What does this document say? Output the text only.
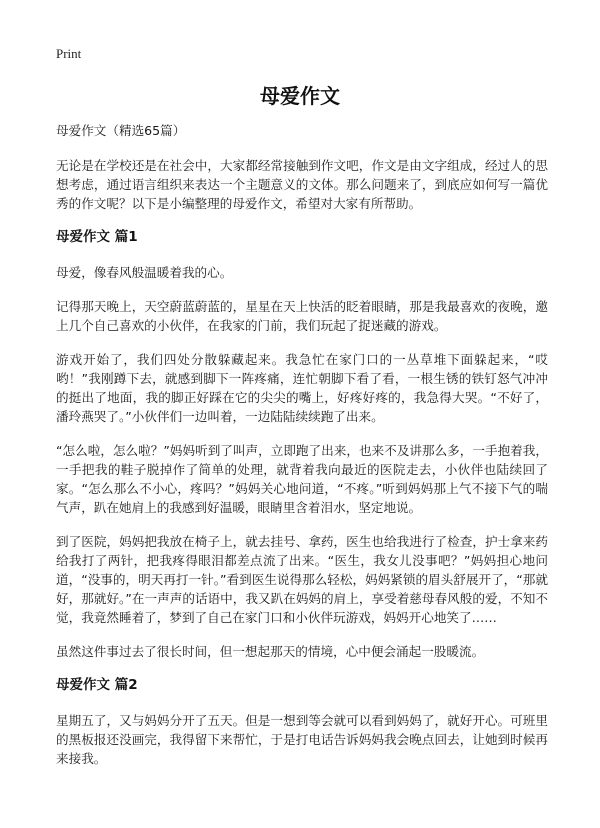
Print
母爱作文

母爱作文（精选65篇）

无论是在学校还是在社会中，大家都经常接触到作文吧，作文是由文字组成，经过人的思想考虑，通过语言组织来表达一个主题意义的文体。那么问题来了，到底应如何写一篇优秀的作文呢？以下是小编整理的母爱作文，希望对大家有所帮助。

母爱作文 篇1

母爱，像春风般温暖着我的心。

记得那天晚上，天空蔚蓝蔚蓝的，星星在天上快活的眨着眼睛，那是我最喜欢的夜晚，邀上几个自己喜欢的小伙伴，在我家的门前，我们玩起了捉迷藏的游戏。

游戏开始了，我们四处分散躲藏起来。我急忙在家门口的一丛草堆下面躲起来，“哎哟！”我刚蹲下去，就感到脚下一阵疼痛，连忙朝脚下看了看，一根生锈的铁钉怒气冲冲的挺出了地面，我的脚正好踩在它的尖尖的嘴上，好疼好疼的，我急得大哭。“不好了，潘玲燕哭了。”小伙伴们一边叫着，一边陆陆续续跑了出来。

“怎么啦，怎么啦？”妈妈听到了叫声，立即跑了出来，也来不及讲那么多，一手抱着我，一手把我的鞋子脱掉作了简单的处理，就背着我向最近的医院走去，小伙伴也陆续回了家。“怎么那么不小心，疼吗？”妈妈关心地问道，“不疼。”听到妈妈那上气不接下气的喘气声，趴在她肩上的我感到好温暖，眼睛里含着泪水，坚定地说。

到了医院，妈妈把我放在椅子上，就去挂号、拿药，医生也给我进行了检查，护士拿来药给我打了两针，把我疼得眼泪都差点流了出来。“医生，我女儿没事吧？”妈妈担心地问道，“没事的，明天再打一针。”看到医生说得那么轻松，妈妈紧锁的眉头舒展开了，“那就好，那就好。”在一声声的话语中，我又趴在妈妈的肩上，享受着慈母春风般的爱，不知不觉，我竟然睡着了，梦到了自己在家门口和小伙伴玩游戏，妈妈开心地笑了……

虽然这件事过去了很长时间，但一想起那天的情境，心中便会涌起一股暖流。

母爱作文 篇2

星期五了，又与妈妈分开了五天。但是一想到等会就可以看到妈妈了，就好开心。可班里的黑板报还没画完，我得留下来帮忙，于是打电话告诉妈妈我会晚点回去，让她到时候再来接我。
